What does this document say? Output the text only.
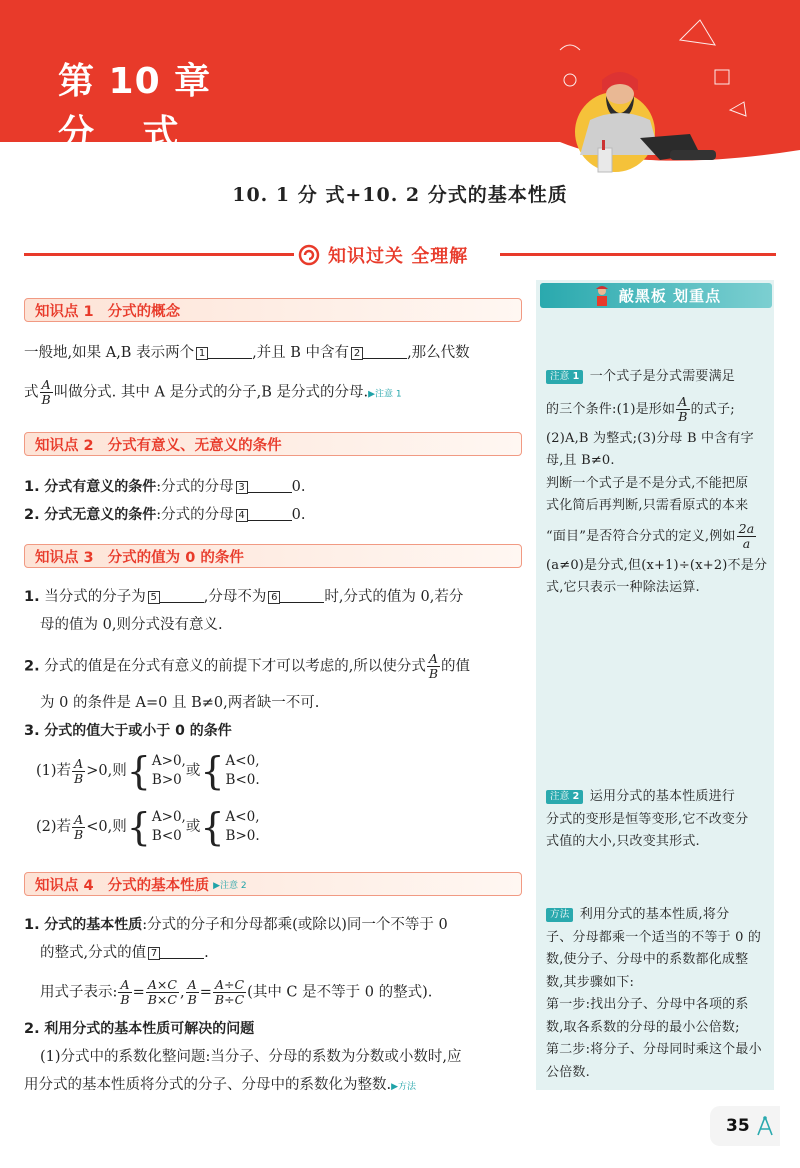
第 10 章
分 式
10. 1 分 式+10. 2 分式的基本性质
知识过关 全理解
敲黑板 划重点
知识点 1 分式的概念
一般地,如果 A,B 表示两个 1	,并且 B 中含有 2	,那么代数
式 $\frac{A}{B}$ 叫做分式. 其中 A 是分式的分子,B 是分式的分母.▶注意 1
知识点 2 分式有意义、无意义的条件
1. 分式有意义的条件:分式的分母 3	0.
2. 分式无意义的条件:分式的分母 4	0.
知识点 3 分式的值为 0 的条件
1. 当分式的分子为 5	,分母不为 6	时,分式的值为 0,若分
母的值为 0,则分式没有意义.
2. 分式的值是在分式有意义的前提下才可以考虑的,所以使分式 $\frac{A}{B}$ 的值
为 0 的条件是 A=0 且 B≠0,两者缺一不可.
3. 分式的值大于或小于 0 的条件
(1)若 $\frac{A}{B} >0$,则 { A>0,
B>0
或 { A<0,
B<0.
(2)若 $\frac{A}{B} <0$,则 { A>0,
B<0
或 { A<0,
B>0.
知识点 4 分式的基本性质 ▶注意 2
1. 分式的基本性质:分式的分子和分母都乘(或除以)同一个不等于 0
的整式,分式的值 7	.
用式子表示: $\frac{A}{B} = \frac{A\times C}{B\times C}$ , $\frac{A}{B} = \frac{A\div C}{B\div C}$ (其中 C 是不等于 0 的整式).
2. 利用分式的基本性质可解决的问题
(1)分式中的系数化整问题:当分子、分母的系数为分数或小数时,应
用分式的基本性质将分式的分子、分母中的系数化为整数.▶方法
注意 1 一个式子是分式需要满足
的三个条件:(1)是形如 $\frac{A}{B}$ 的式子;
(2)A,B 为整式;(3)分母 B 中含有字
母,且 B≠0.
判断一个式子是不是分式,不能把原
式化简后再判断,只需看原式的本来
“面目”是否符合分式的定义,例如 $\frac{2a}{a}$
(a≠0)是分式,但(x+1)÷(x+2)不是分
式,它只表示一种除法运算.
注意 2 运用分式的基本性质进行
分式的变形是恒等变形,它不改变分
式值的大小,只改变其形式.
方法 利用分式的基本性质,将分
子、分母都乘一个适当的不等于 0 的
数,使分子、分母中的系数都化成整
数,其步骤如下:
第一步:找出分子、分母中各项的系
数,取各系数的分母的最小公倍数;
第二步:将分子、分母同时乘这个最小
公倍数.
35
